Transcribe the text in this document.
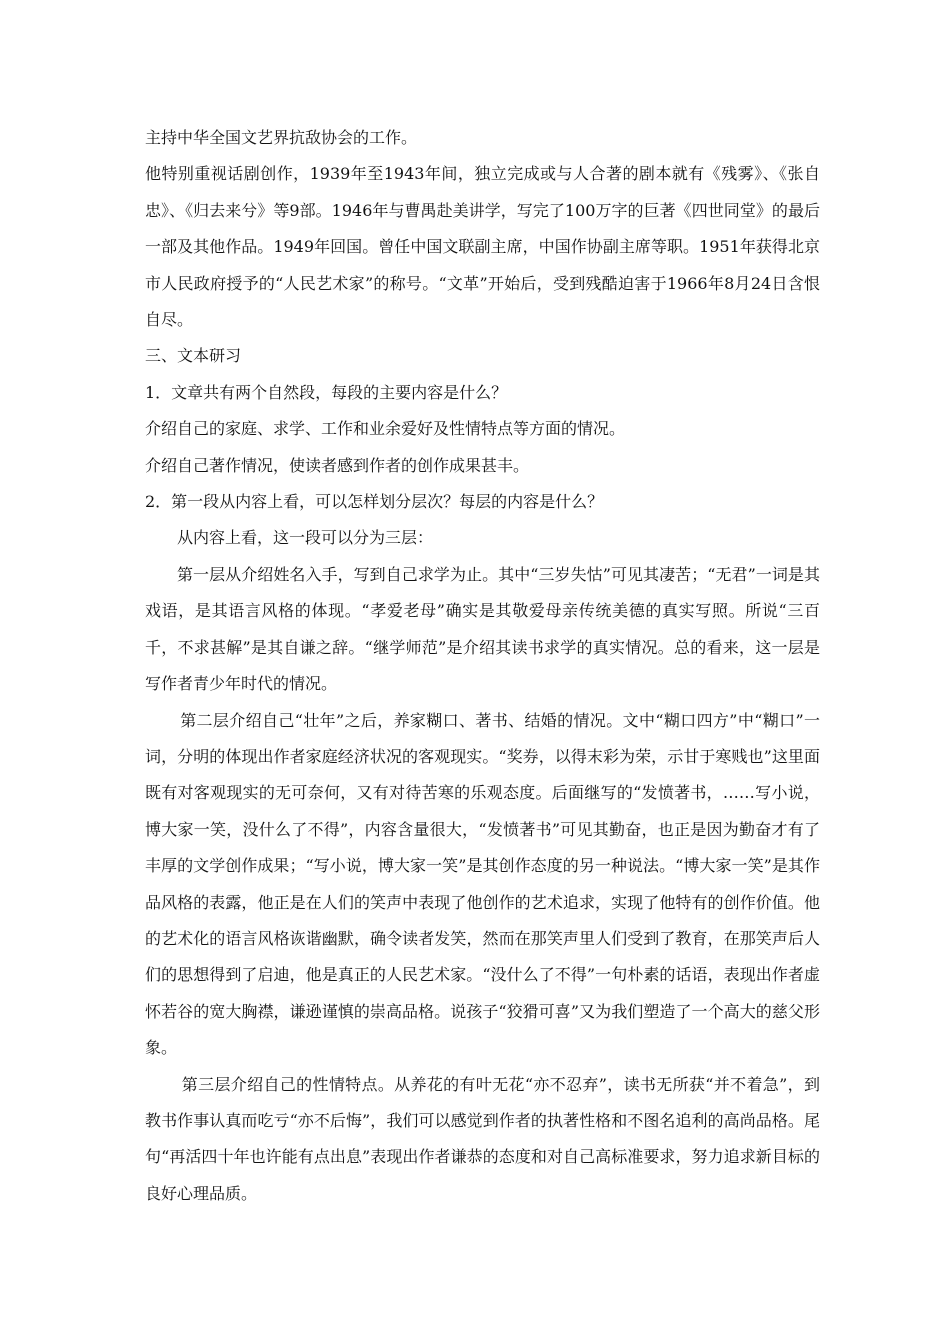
主持中华全国文艺界抗敌协会的工作。

他特别重视话剧创作，1939年至1943年间，独立完成或与人合著的剧本就有《残雾》、《张自忠》、《归去来兮》等9部。1946年与曹禺赴美讲学，写完了100万字的巨著《四世同堂》的最后一部及其他作品。1949年回国。曾任中国文联副主席，中国作协副主席等职。1951年获得北京市人民政府授予的“人民艺术家”的称号。“文革”开始后，受到残酷迫害于1966年8月24日含恨自尽。

三、文本研习

1．文章共有两个自然段，每段的主要内容是什么？

介绍自己的家庭、求学、工作和业余爱好及性情特点等方面的情况。

介绍自己著作情况，使读者感到作者的创作成果甚丰。

2．第一段从内容上看，可以怎样划分层次？每层的内容是什么？

从内容上看，这一段可以分为三层：

第一层从介绍姓名入手，写到自己求学为止。其中“三岁失怙”可见其凄苦；“无君”一词是其戏语，是其语言风格的体现。“孝爱老母”确实是其敬爱母亲传统美德的真实写照。所说“三百千，不求甚解”是其自谦之辞。“继学师范”是介绍其读书求学的真实情况。总的看来，这一层是写作者青少年时代的情况。

第二层介绍自己“壮年”之后，养家糊口、著书、结婚的情况。文中“糊口四方”中“糊口”一词，分明的体现出作者家庭经济状况的客观现实。“奖券，以得末彩为荣，示甘于寒贱也”这里面既有对客观现实的无可奈何，又有对待苦寒的乐观态度。后面继写的“发愤著书，……写小说，博大家一笑，没什么了不得”，内容含量很大，“发愤著书”可见其勤奋，也正是因为勤奋才有了丰厚的文学创作成果；“写小说，博大家一笑”是其创作态度的另一种说法。“博大家一笑”是其作品风格的表露，他正是在人们的笑声中表现了他创作的艺术追求，实现了他特有的创作价值。他的艺术化的语言风格诙谐幽默，确令读者发笑，然而在那笑声里人们受到了教育，在那笑声后人们的思想得到了启迪，他是真正的人民艺术家。“没什么了不得”一句朴素的话语，表现出作者虚怀若谷的宽大胸襟，谦逊谨慎的崇高品格。说孩子“狡猾可喜”又为我们塑造了一个高大的慈父形象。

第三层介绍自己的性情特点。从养花的有叶无花“亦不忍弃”，读书无所获“并不着急”，到教书作事认真而吃亏“亦不后悔”，我们可以感觉到作者的执著性格和不图名追利的高尚品格。尾句“再活四十年也许能有点出息”表现出作者谦恭的态度和对自己高标准要求，努力追求新目标的良好心理品质。
